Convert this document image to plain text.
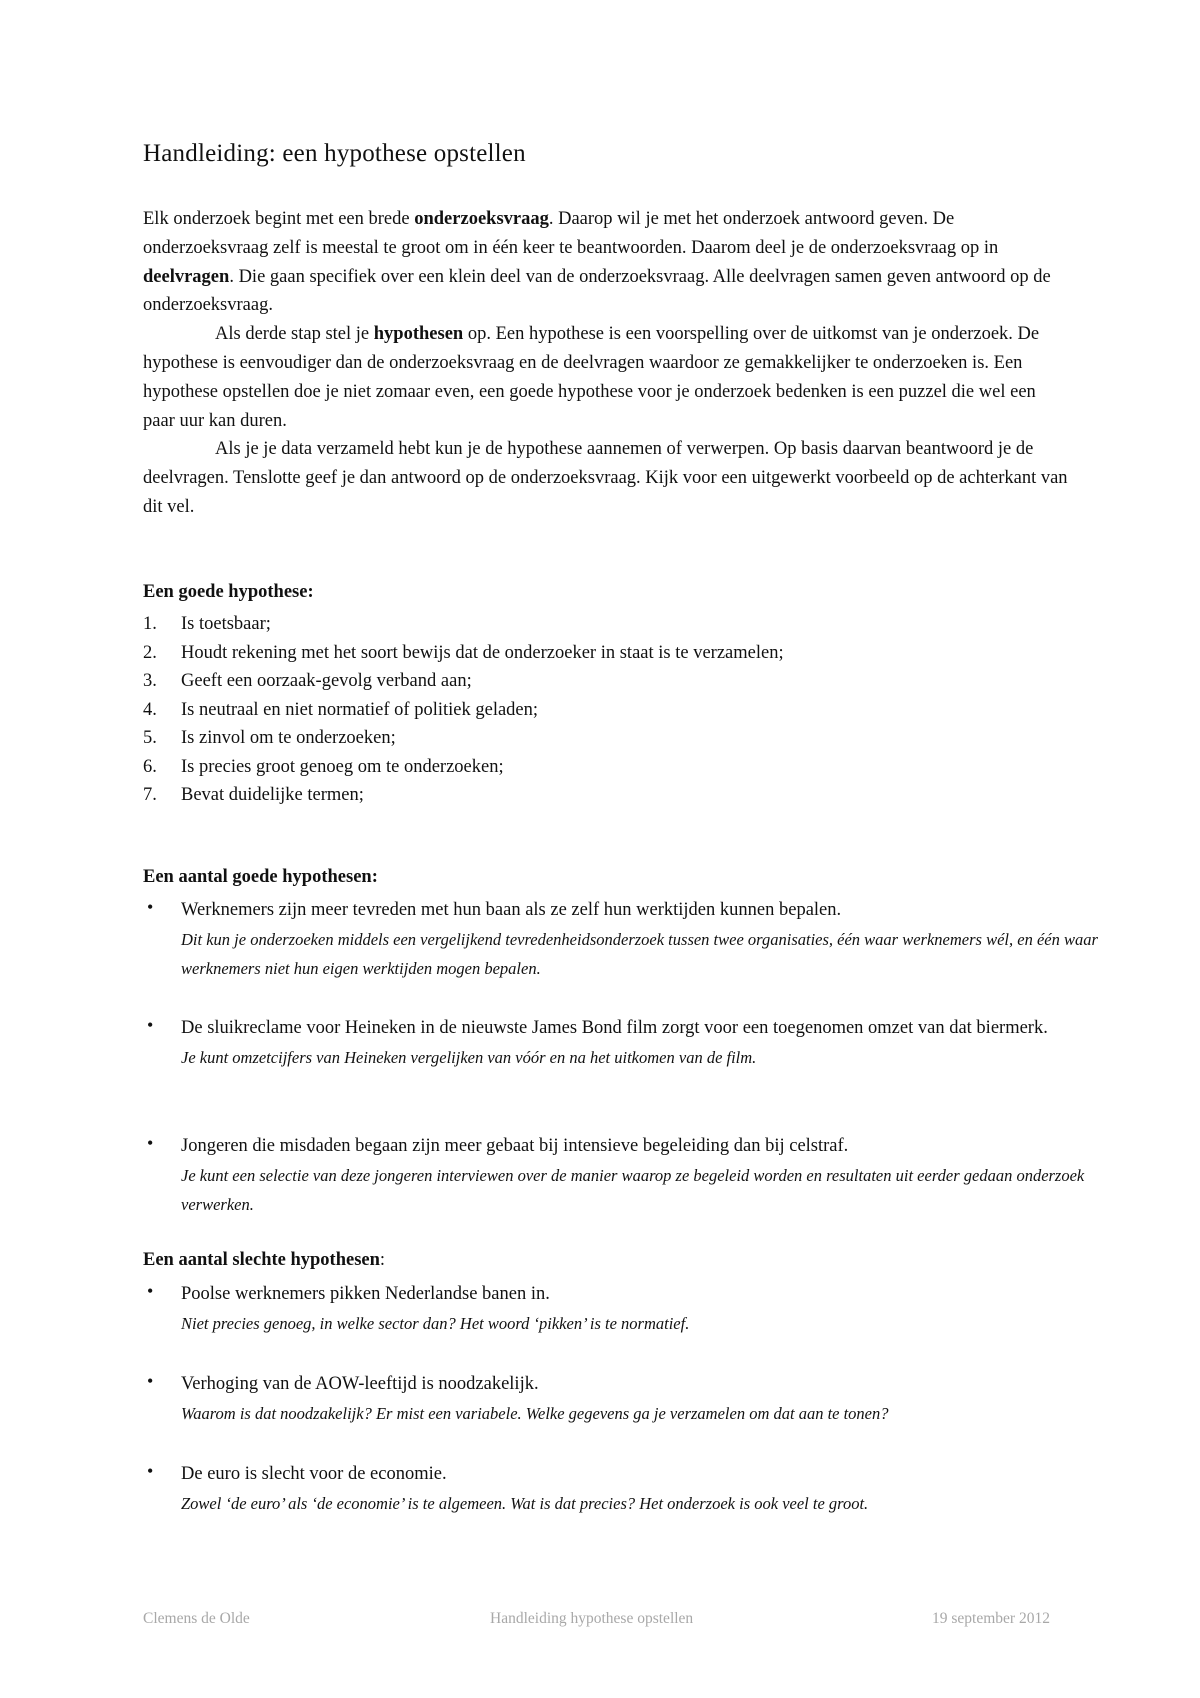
Handleiding: een hypothese opstellen

Elk onderzoek begint met een brede onderzoeksvraag. Daarop wil je met het onderzoek antwoord geven. De onderzoeksvraag zelf is meestal te groot om in één keer te beantwoorden. Daarom deel je de onderzoeksvraag op in deelvragen. Die gaan specifiek over een klein deel van de onderzoeksvraag. Alle deelvragen samen geven antwoord op de onderzoeksvraag.

Als derde stap stel je hypothesen op. Een hypothese is een voorspelling over de uitkomst van je onderzoek. De hypothese is eenvoudiger dan de onderzoeksvraag en de deelvragen waardoor ze gemakkelijker te onderzoeken is. Een hypothese opstellen doe je niet zomaar even, een goede hypothese voor je onderzoek bedenken is een puzzel die wel een paar uur kan duren.

Als je je data verzameld hebt kun je de hypothese aannemen of verwerpen. Op basis daarvan beantwoord je de deelvragen. Tenslotte geef je dan antwoord op de onderzoeksvraag. Kijk voor een uitgewerkt voorbeeld op de achterkant van dit vel.

Een goede hypothese:
1.	Is toetsbaar;
2.	Houdt rekening met het soort bewijs dat de onderzoeker in staat is te verzamelen;
3.	Geeft een oorzaak-gevolg verband aan;
4.	Is neutraal en niet normatief of politiek geladen;
5.	Is zinvol om te onderzoeken;
6.	Is precies groot genoeg om te onderzoeken;
7.	Bevat duidelijke termen;
Een aantal goede hypothesen:
• Werknemers zijn meer tevreden met hun baan als ze zelf hun werktijden kunnen bepalen.
Dit kun je onderzoeken middels een vergelijkend tevredenheidsonderzoek tussen twee organisaties, één waar werknemers wél, en één waar werknemers niet hun eigen werktijden mogen bepalen.
• De sluikreclame voor Heineken in de nieuwste James Bond film zorgt voor een toegenomen omzet van dat biermerk.
Je kunt omzetcijfers van Heineken vergelijken van vóór en na het uitkomen van de film.
• Jongeren die misdaden begaan zijn meer gebaat bij intensieve begeleiding dan bij celstraf.
Je kunt een selectie van deze jongeren interviewen over de manier waarop ze begeleid worden en resultaten uit eerder gedaan onderzoek verwerken.
Een aantal slechte hypothesen:
• Poolse werknemers pikken Nederlandse banen in.
Niet precies genoeg, in welke sector dan? Het woord ‘pikken’ is te normatief.
• Verhoging van de AOW-leeftijd is noodzakelijk.
Waarom is dat noodzakelijk? Er mist een variabele. Welke gegevens ga je verzamelen om dat aan te tonen?
• De euro is slecht voor de economie.
Zowel ‘de euro’ als ‘de economie’ is te algemeen. Wat is dat precies? Het onderzoek is ook veel te groot.
Clemens de Olde	Handleiding hypothese opstellen	19 september 2012
